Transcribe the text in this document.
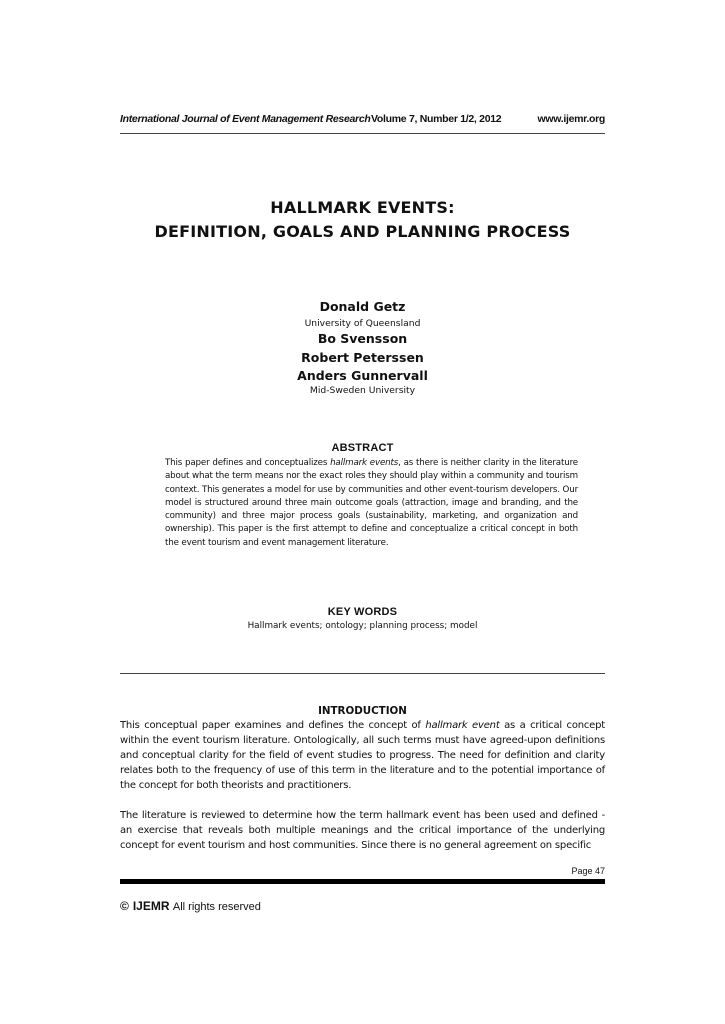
International Journal of Event Management Research Volume 7, Number 1/2, 2012	www.ijemr.org
HALLMARK EVENTS:
DEFINITION, GOALS AND PLANNING PROCESS
Donald Getz
University of Queensland
Bo Svensson
Robert Peterssen
Anders Gunnervall
Mid-Sweden University
ABSTRACT
This paper defines and conceptualizes hallmark events, as there is neither clarity in the literature about what the term means nor the exact roles they should play within a community and tourism context. This generates a model for use by communities and other event-tourism developers. Our model is structured around three main outcome goals (attraction, image and branding, and the community) and three major process goals (sustainability, marketing, and organization and ownership). This paper is the first attempt to define and conceptualize a critical concept in both the event tourism and event management literature.
KEY WORDS
Hallmark events; ontology; planning process; model
INTRODUCTION
This conceptual paper examines and defines the concept of hallmark event as a critical concept within the event tourism literature. Ontologically, all such terms must have agreed-upon definitions and conceptual clarity for the field of event studies to progress. The need for definition and clarity relates both to the frequency of use of this term in the literature and to the potential importance of the concept for both theorists and practitioners.
The literature is reviewed to determine how the term hallmark event has been used and defined - an exercise that reveals both multiple meanings and the critical importance of the underlying concept for event tourism and host communities. Since there is no general agreement on specific
Page 47
© IJEMR All rights reserved
